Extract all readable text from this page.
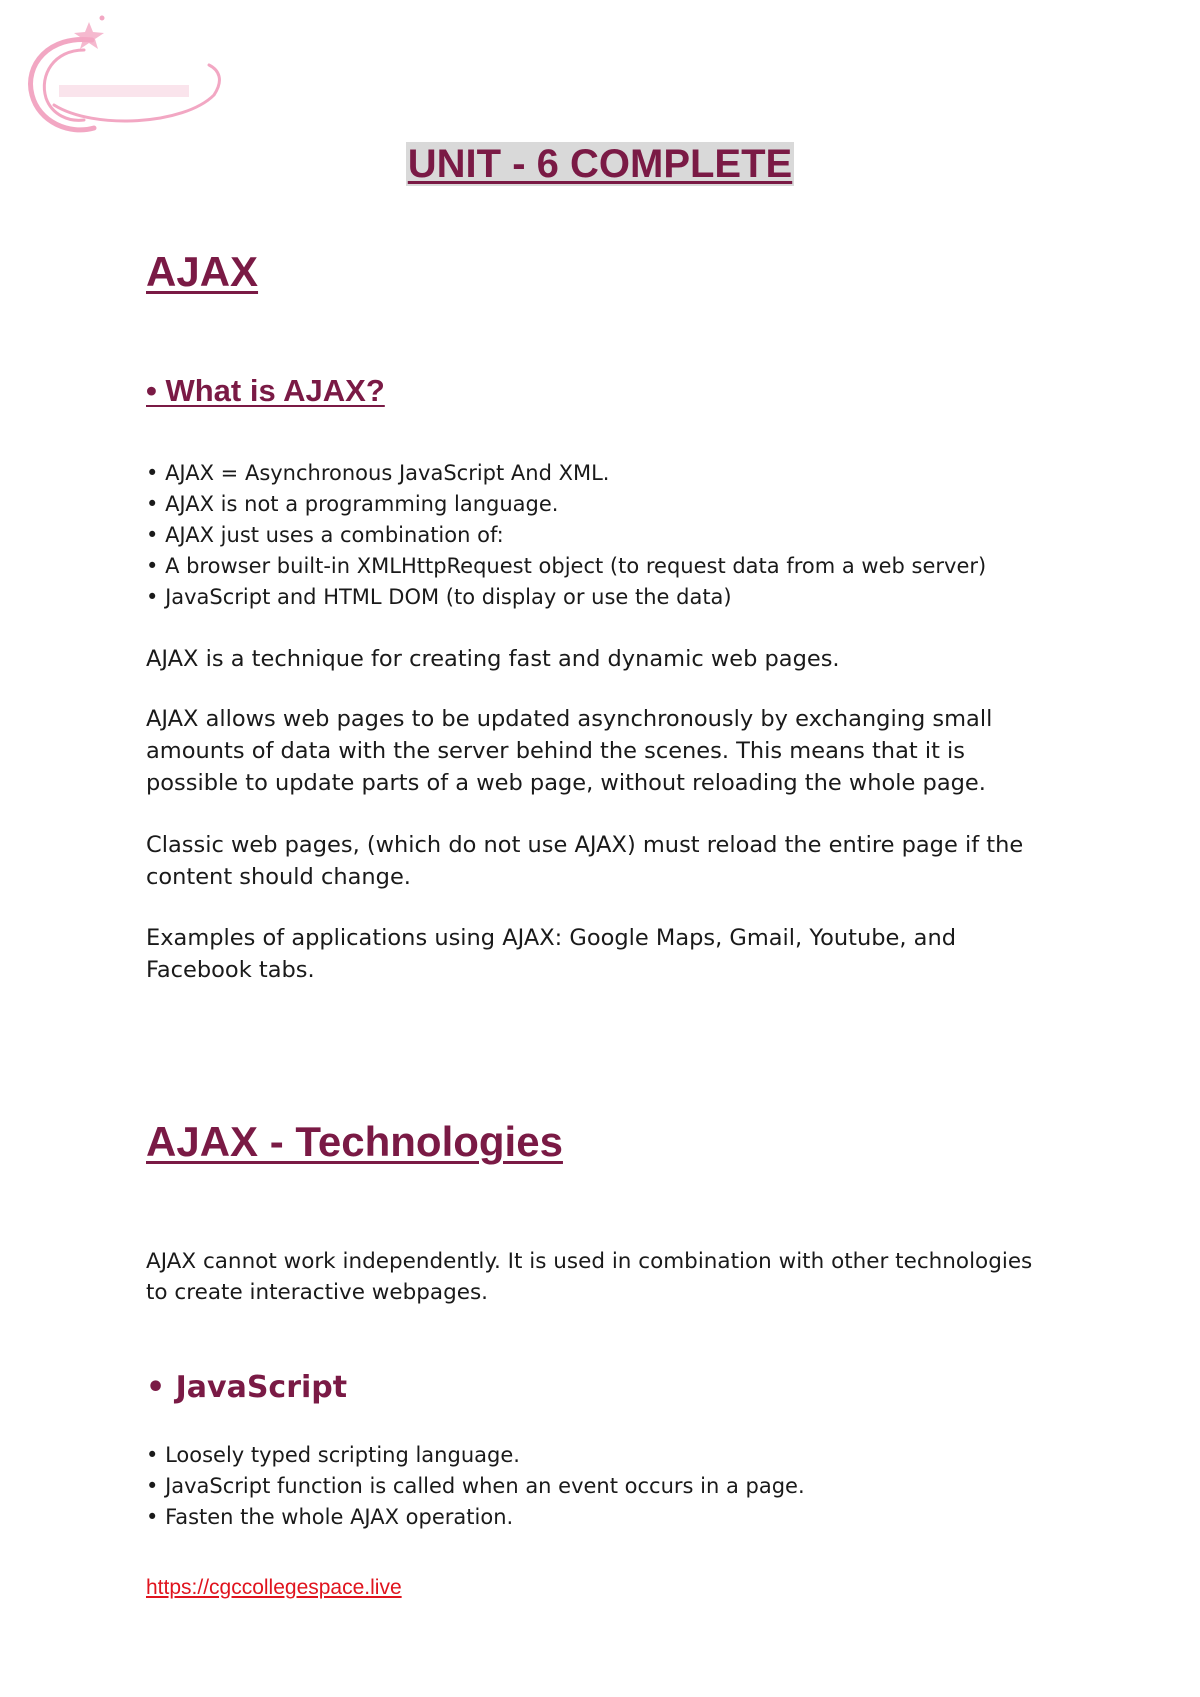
UNIT - 6 COMPLETE
AJAX
• What is AJAX?
• AJAX = Asynchronous JavaScript And XML.
• AJAX is not a programming language.
• AJAX just uses a combination of:
• A browser built-in XMLHttpRequest object (to request data from a web server)
• JavaScript and HTML DOM (to display or use the data)

AJAX is a technique for creating fast and dynamic web pages.

AJAX allows web pages to be updated asynchronously by exchanging small amounts of data with the server behind the scenes. This means that it is possible to update parts of a web page, without reloading the whole page.

Classic web pages, (which do not use AJAX) must reload the entire page if the content should change.

Examples of applications using AJAX: Google Maps, Gmail, Youtube, and Facebook tabs.

AJAX - Technologies

AJAX cannot work independently. It is used in combination with other technologies to create interactive webpages.

• JavaScript
• Loosely typed scripting language.
• JavaScript function is called when an event occurs in a page.
• Fasten the whole AJAX operation.
https://cgccollegespace.live
